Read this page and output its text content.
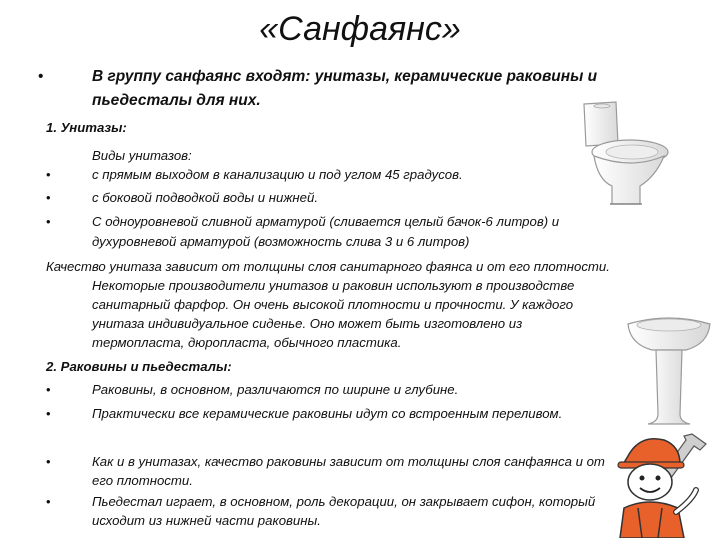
«Санфаянс»
•	В группу санфаянс входят: унитазы, керамические раковины и
пьедесталы для них.
1. Унитазы:
Виды унитазов:
•	с прямым выходом в канализацию и под углом 45 градусов.
•	с боковой подводкой воды и нижней.
•	С одноуровневой сливной арматурой (сливается целый бачок-6 литров) и
духуровневой арматурой (возможность слива 3 и 6 литров)
Качество унитаза зависит от толщины слоя санитарного фаянса и от его плотности.
Некоторые производители унитазов и раковин используют в производстве
санитарный фарфор. Он очень высокой плотности и прочности. У каждого
унитаза индивидуальное сиденье. Оно может быть изготовлено из
термопласта, дюропласта, обычного пластика.
2. Раковины и пьедесталы:
•	Раковины, в основном, различаются по ширине и глубине.
•	Практически все керамические раковины идут со встроенным переливом.
•	Как и в унитазах, качество раковины зависит от толщины слоя санфаянса и от
его плотности.
•	Пьедестал играет, в основном, роль декорации, он закрывает сифон, который
исходит из нижней части раковины.
